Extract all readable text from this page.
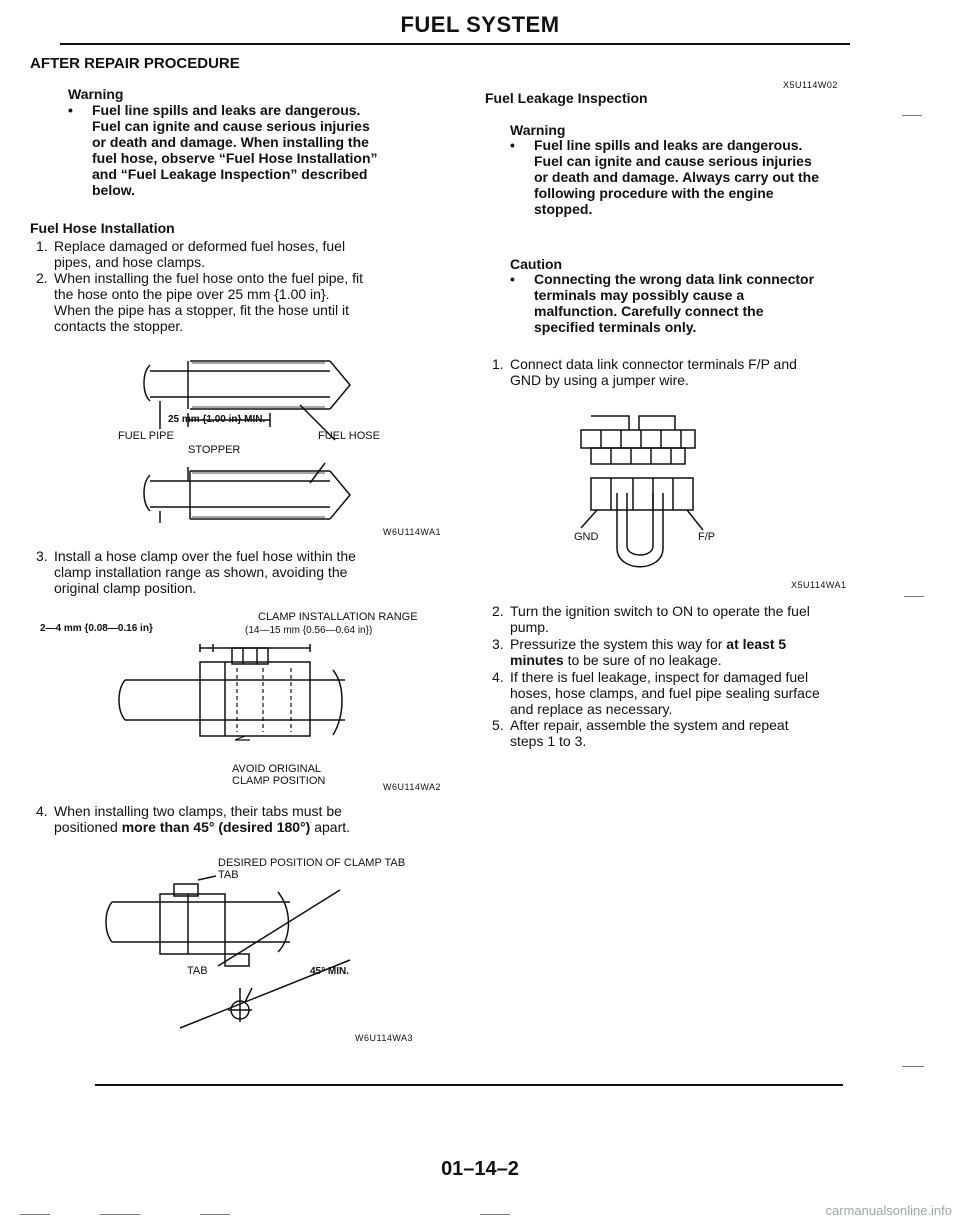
FUEL SYSTEM
AFTER REPAIR PROCEDURE
Warning
• Fuel line spills and leaks are dangerous.
Fuel can ignite and cause serious injuries
or death and damage. When installing the
fuel hose, observe “Fuel Hose Installation”
and “Fuel Leakage Inspection” described
below.
Fuel Hose Installation
1. Replace damaged or deformed fuel hoses, fuel
pipes, and hose clamps.
2. When installing the fuel hose onto the fuel pipe, fit
the hose onto the pipe over 25 mm {1.00 in}.
When the pipe has a stopper, fit the hose until it
contacts the stopper.
25 mm {1.00 in} MIN.
FUEL PIPE	FUEL HOSE
STOPPER
W6U114WA1
3. Install a hose clamp over the fuel hose within the
clamp installation range as shown, avoiding the
original clamp position.
CLAMP INSTALLATION RANGE
2—4 mm {0.08—0.16 in}	(14—15 mm {0.56—0.64 in})
AVOID ORIGINAL
CLAMP POSITION	W6U114WA2
4. When installing two clamps, their tabs must be
positioned more than 45° (desired 180°) apart.
DESIRED POSITION OF CLAMP TAB
TAB
TAB	45° MIN.
W6U114WA3
X5U114W02
Fuel Leakage Inspection
Warning
• Fuel line spills and leaks are dangerous.
Fuel can ignite and cause serious injuries
or death and damage. Always carry out the
following procedure with the engine
stopped.
Caution
• Connecting the wrong data link connector
terminals may possibly cause a
malfunction. Carefully connect the
specified terminals only.
1. Connect data link connector terminals F/P and
GND by using a jumper wire.
GND	F/P
X5U114WA1
2. Turn the ignition switch to ON to operate the fuel
pump.
3. Pressurize the system this way for at least 5
minutes to be sure of no leakage.
4. If there is fuel leakage, inspect for damaged fuel
hoses, hose clamps, and fuel pipe sealing surface
and replace as necessary.
5. After repair, assemble the system and repeat
steps 1 to 3.
01–14–2
carmanualsonline.info
